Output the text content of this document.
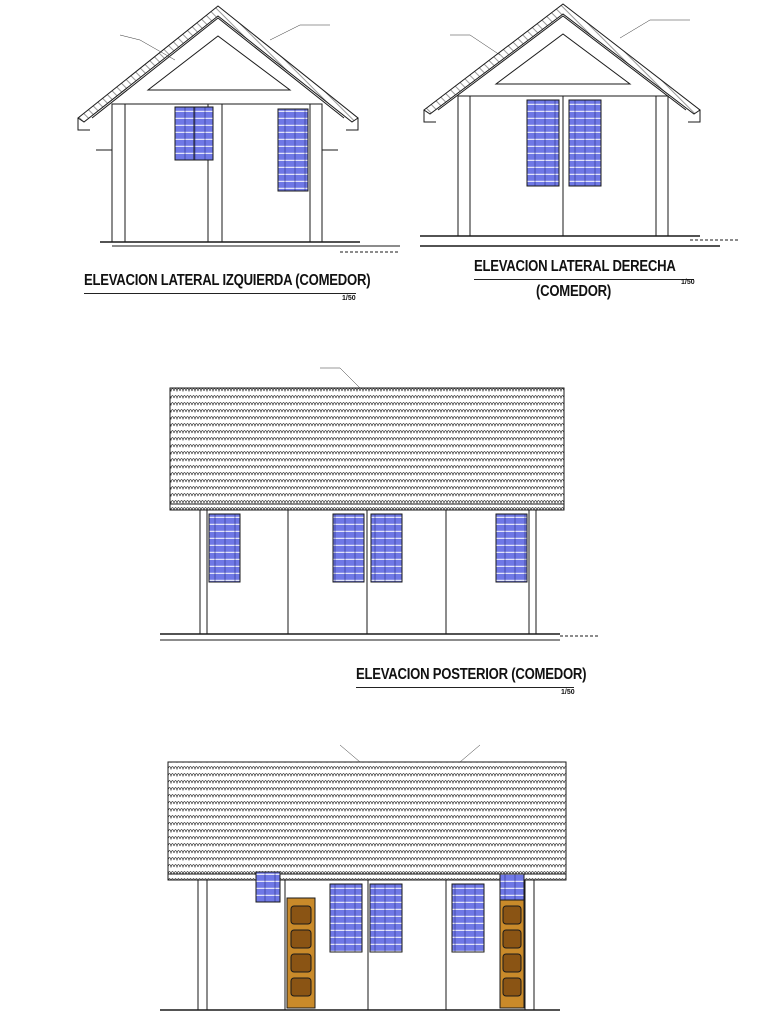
ELEVACION LATERAL IZQUIERDA (COMEDOR)
1/50
ELEVACION LATERAL DERECHA
(COMEDOR)
1/50
ELEVACION POSTERIOR (COMEDOR)
1/50
